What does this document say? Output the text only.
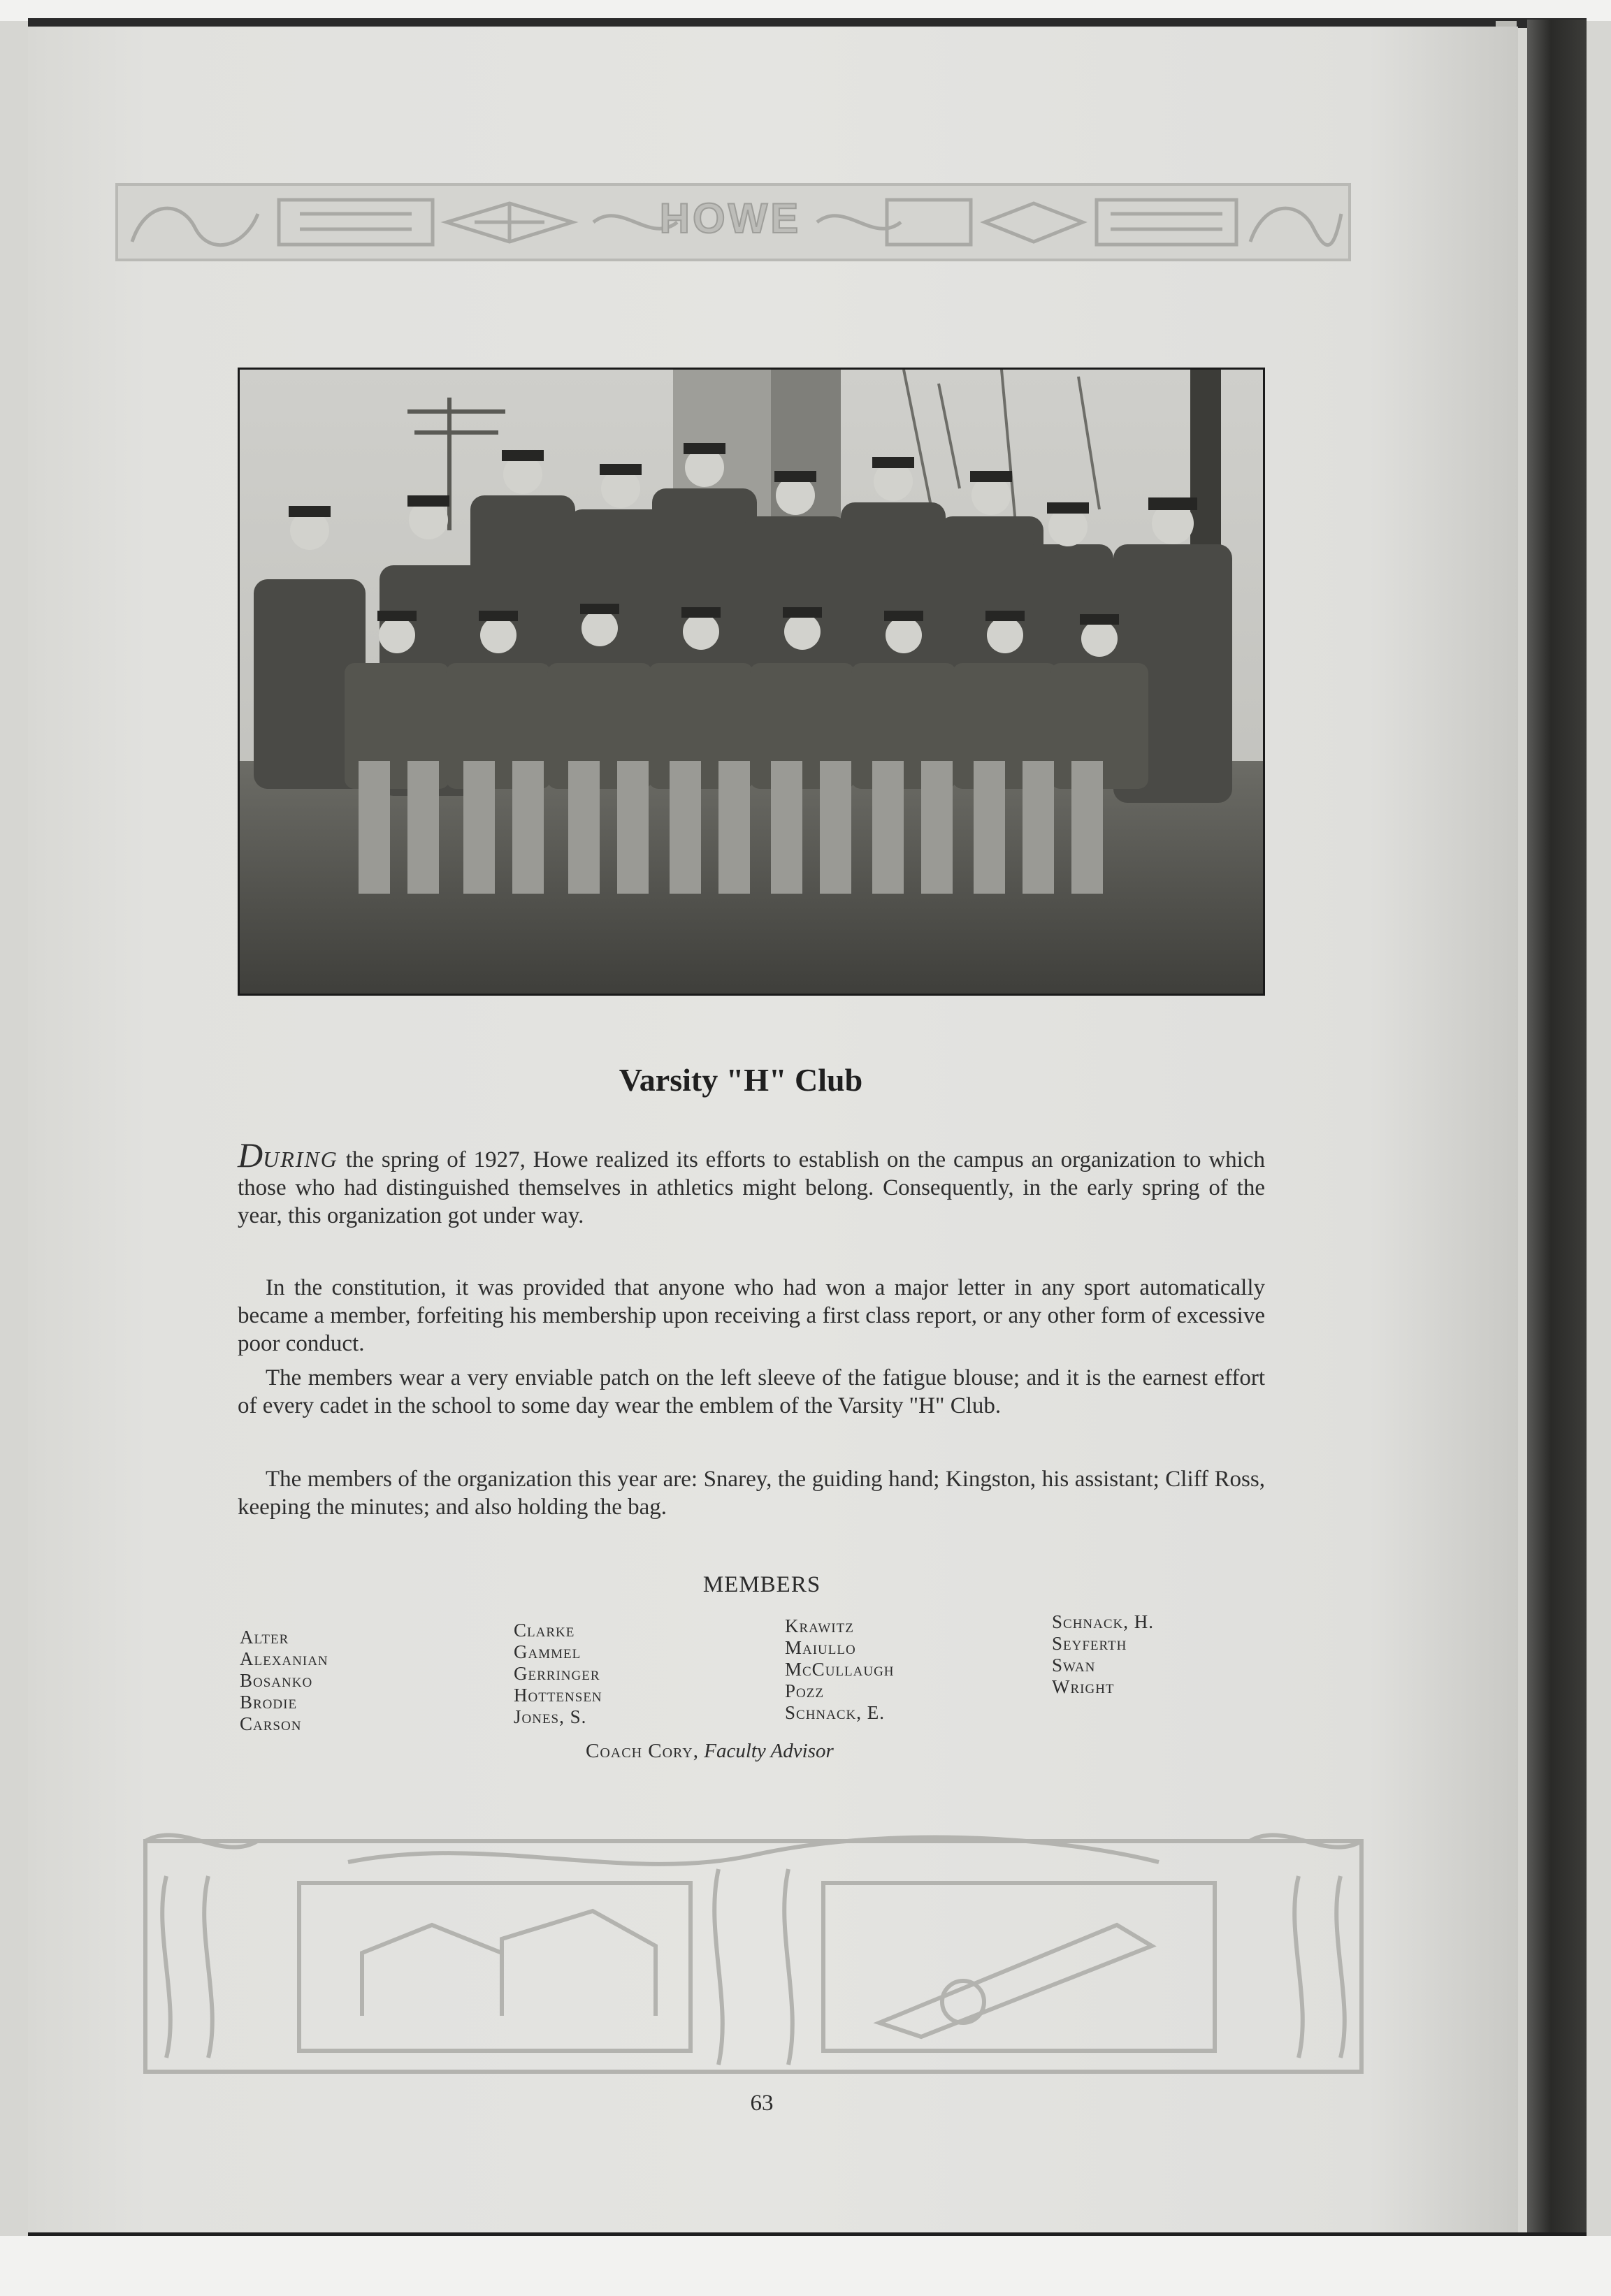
HOWE
Varsity "H" Club

DURING the spring of 1927, Howe realized its efforts to establish on the campus an organization to which those who had distinguished themselves in athletics might belong. Consequently, in the early spring of the year, this organization got under way.

In the constitution, it was provided that anyone who had won a major letter in any sport automatically became a member, forfeiting his membership upon receiving a first class report, or any other form of excessive poor conduct.

The members wear a very enviable patch on the left sleeve of the fatigue blouse; and it is the earnest effort of every cadet in the school to some day wear the emblem of the Varsity "H" Club.

The members of the organization this year are: Snarey, the guiding hand; Kingston, his assistant; Cliff Ross, keeping the minutes; and also holding the bag.

MEMBERS
Alter
Alexanian
Bosanko
Brodie
Carson
Clarke
Gammel
Gerringer
Hottensen
Jones, S.
Krawitz
Maiullo
McCullaugh
Pozz
Schnack, E.
Schnack, H.
Seyferth
Swan
Wright
Coach Cory, Faculty Advisor
63
